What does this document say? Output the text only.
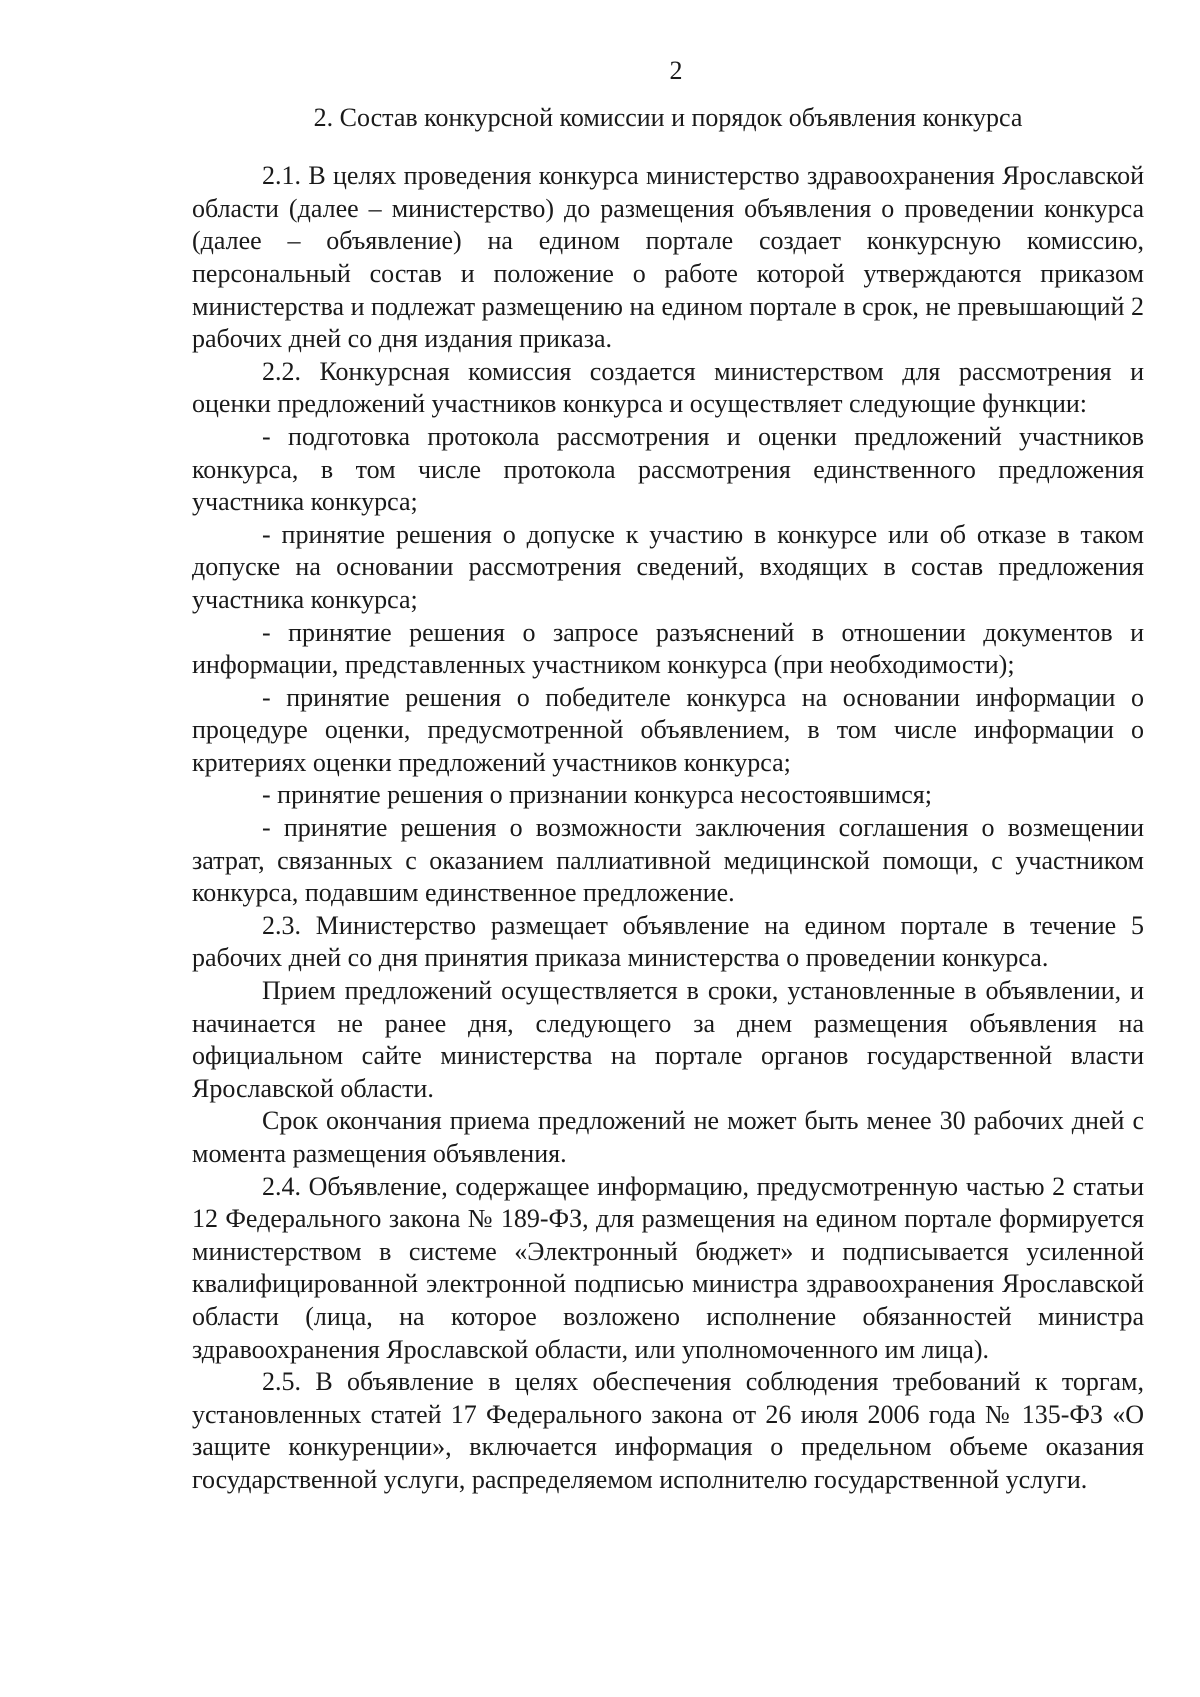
2
2. Состав конкурсной комиссии и порядок объявления конкурса

2.1. В целях проведения конкурса министерство здравоохранения Ярославской области (далее – министерство) до размещения объявления о проведении конкурса (далее – объявление) на едином портале создает конкурсную комиссию, персональный состав и положение о работе которой утверждаются приказом министерства и подлежат размещению на едином портале в срок, не превышающий 2 рабочих дней со дня издания приказа.

2.2. Конкурсная комиссия создается министерством для рассмотрения и оценки предложений участников конкурса и осуществляет следующие функции:

- подготовка протокола рассмотрения и оценки предложений участников конкурса, в том числе протокола рассмотрения единственного предложения участника конкурса;

- принятие решения о допуске к участию в конкурсе или об отказе в таком допуске на основании рассмотрения сведений, входящих в состав предложения участника конкурса;

- принятие решения о запросе разъяснений в отношении документов и информации, представленных участником конкурса (при необходимости);

- принятие решения о победителе конкурса на основании информации о процедуре оценки, предусмотренной объявлением, в том числе информации о критериях оценки предложений участников конкурса;

- принятие решения о признании конкурса несостоявшимся;

- принятие решения о возможности заключения соглашения о возмещении затрат, связанных с оказанием паллиативной медицинской помощи, с участником конкурса, подавшим единственное предложение.

2.3. Министерство размещает объявление на едином портале в течение 5 рабочих дней со дня принятия приказа министерства о проведении конкурса.

Прием предложений осуществляется в сроки, установленные в объявлении, и начинается не ранее дня, следующего за днем размещения объявления на официальном сайте министерства на портале органов государственной власти Ярославской области.

Срок окончания приема предложений не может быть менее 30 рабочих дней с момента размещения объявления.

2.4. Объявление, содержащее информацию, предусмотренную частью 2 статьи 12 Федерального закона № 189-ФЗ, для размещения на едином портале формируется министерством в системе «Электронный бюджет» и подписывается усиленной квалифицированной электронной подписью министра здравоохранения Ярославской области (лица, на которое возложено исполнение обязанностей министра здравоохранения Ярославской области, или уполномоченного им лица).

2.5. В объявление в целях обеспечения соблюдения требований к торгам, установленных статей 17 Федерального закона от 26 июля 2006 года № 135-ФЗ «О защите конкуренции», включается информация о предельном объеме оказания государственной услуги, распределяемом исполнителю государственной услуги.
